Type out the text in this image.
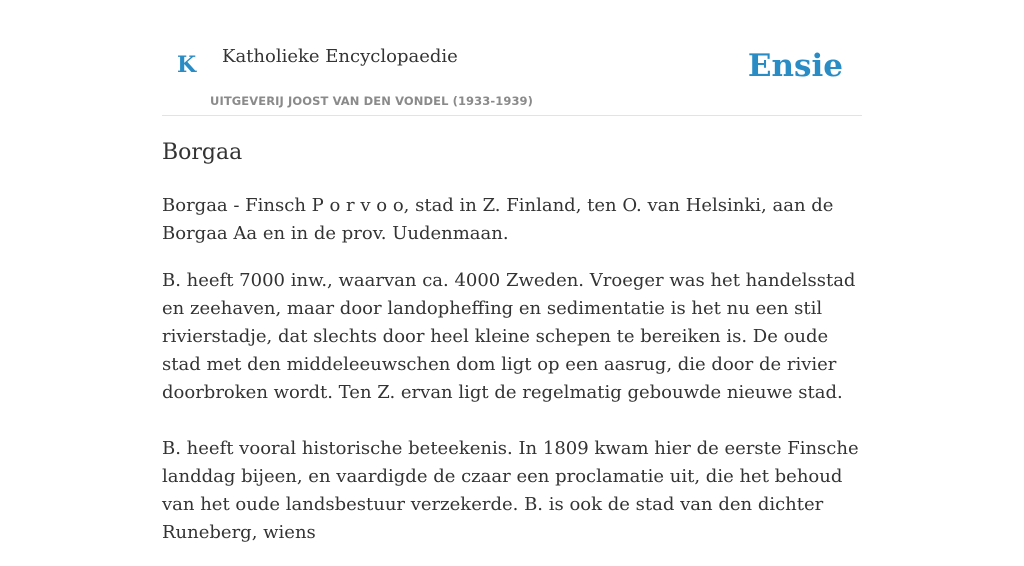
K Katholieke Encyclopaedie
UITGEVERIJ JOOST VAN DEN VONDEL (1933-1939)
Ensie
Borgaa

Borgaa - Finsch P o r v o o, stad in Z. Finland, ten O. van Helsinki, aan de Borgaa Aa en in de prov. Uudenmaan.

B. heeft 7000 inw., waarvan ca. 4000 Zweden. Vroeger was het handelsstad en zeehaven, maar door landopheffing en sedimentatie is het nu een stil rivierstadje, dat slechts door heel kleine schepen te bereiken is. De oude stad met den middeleeuwschen dom ligt op een aasrug, die door de rivier doorbroken wordt. Ten Z. ervan ligt de regelmatig gebouwde nieuwe stad.

B. heeft vooral historische beteekenis. In 1809 kwam hier de eerste Finsche landdag bijeen, en vaardigde de czaar een proclamatie uit, die het behoud van het oude landsbestuur verzekerde. B. is ook de stad van den dichter Runeberg, wiens
